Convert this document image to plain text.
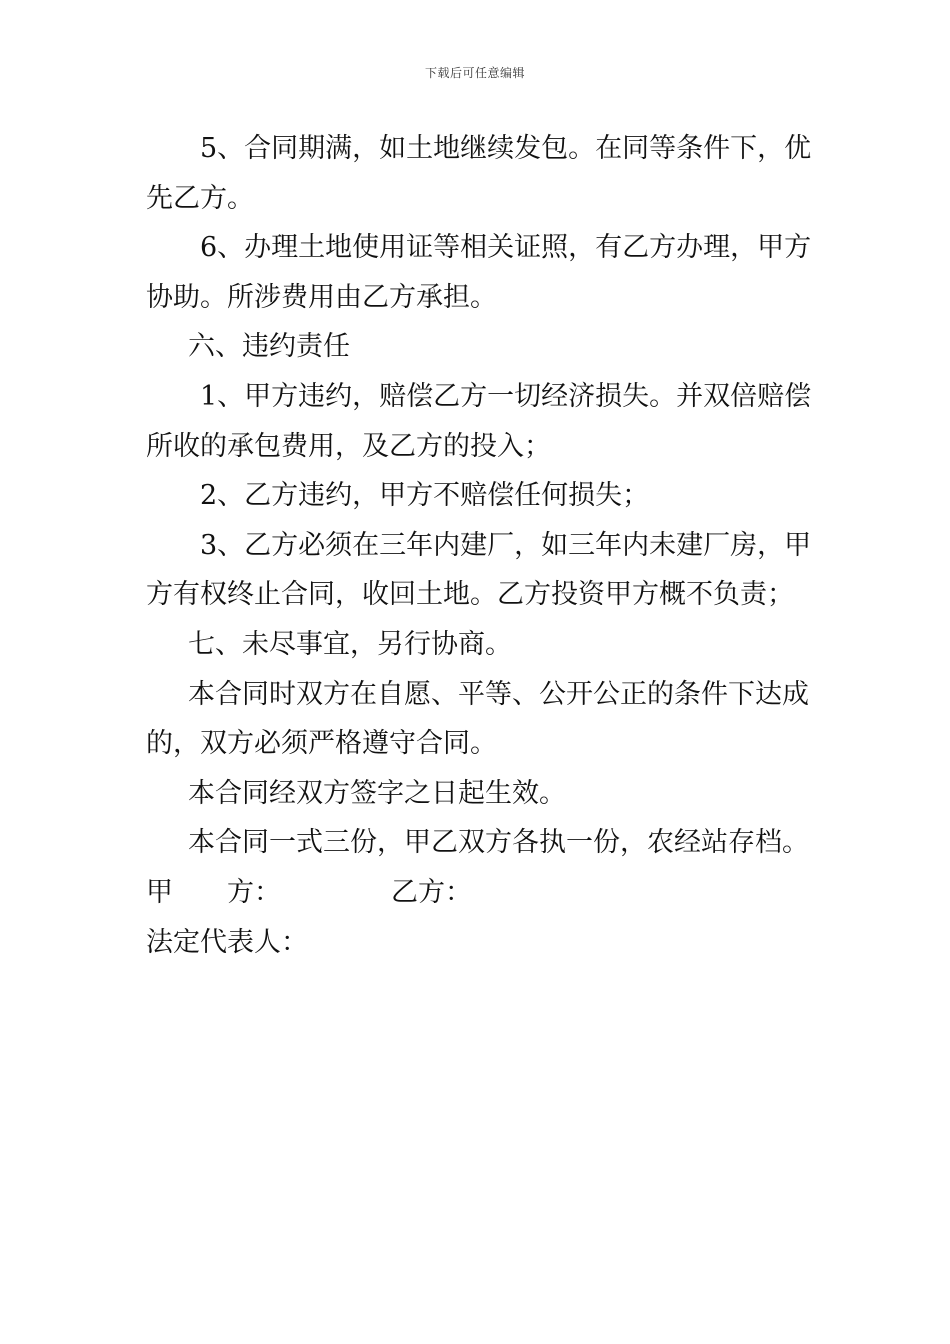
下载后可任意编辑

5、合同期满，如土地继续发包。在同等条件下，优先乙方。

6、办理土地使用证等相关证照，有乙方办理，甲方协助。所涉费用由乙方承担。

六、违约责任

1、甲方违约，赔偿乙方一切经济损失。并双倍赔偿所收的承包费用，及乙方的投入；

2、乙方违约，甲方不赔偿任何损失；

3、乙方必须在三年内建厂，如三年内未建厂房，甲方有权终止合同，收回土地。乙方投资甲方概不负责；

七、未尽事宜，另行协商。

本合同时双方在自愿、平等、公开公正的条件下达成的，双方必须严格遵守合同。

本合同经双方签字之日起生效。

本合同一式三份，甲乙双方各执一份，农经站存档。

甲　　方：	乙方：

法定代表人：
